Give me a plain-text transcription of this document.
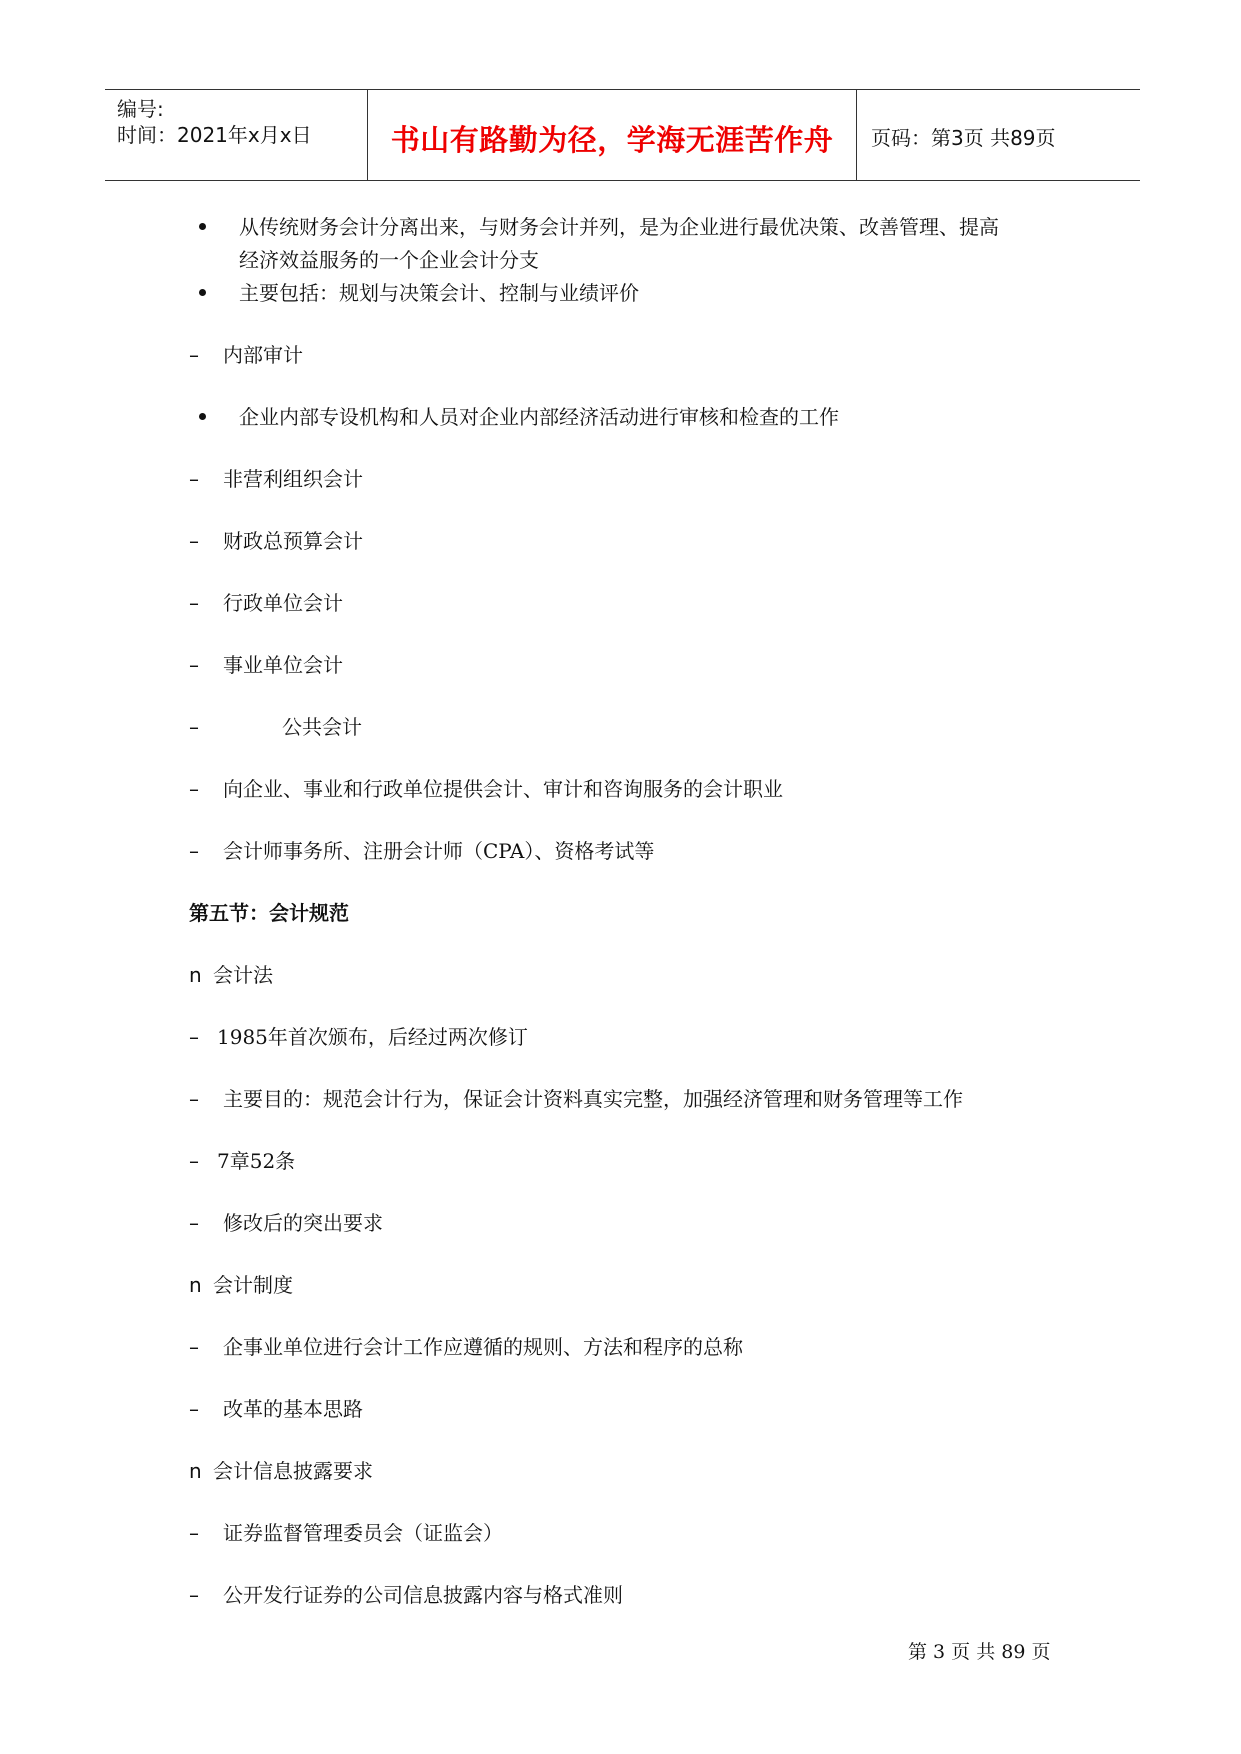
编号:
时间：2021年x月x日	书山有路勤为径，学海无涯苦作舟	页码：第3页 共89页
从传统财务会计分离出来，与财务会计并列，是为企业进行最优决策、改善管理、提高
经济效益服务的一个企业会计分支
主要包括：规划与决策会计、控制与业绩评价
– 内部审计
企业内部专设机构和人员对企业内部经济活动进行审核和检查的工作
– 非营利组织会计
– 财政总预算会计
– 行政单位会计
– 事业单位会计
–	公共会计
– 向企业、事业和行政单位提供会计、审计和咨询服务的会计职业
– 会计师事务所、注册会计师（CPA）、资格考试等
第五节：会计规范
n 会计法
– 1985年首次颁布，后经过两次修订
– 主要目的：规范会计行为，保证会计资料真实完整，加强经济管理和财务管理等工作
– 7章52条
– 修改后的突出要求
n 会计制度
– 企事业单位进行会计工作应遵循的规则、方法和程序的总称
– 改革的基本思路
n 会计信息披露要求
– 证券监督管理委员会（证监会）
– 公开发行证券的公司信息披露内容与格式准则
第 3 页 共 89 页
